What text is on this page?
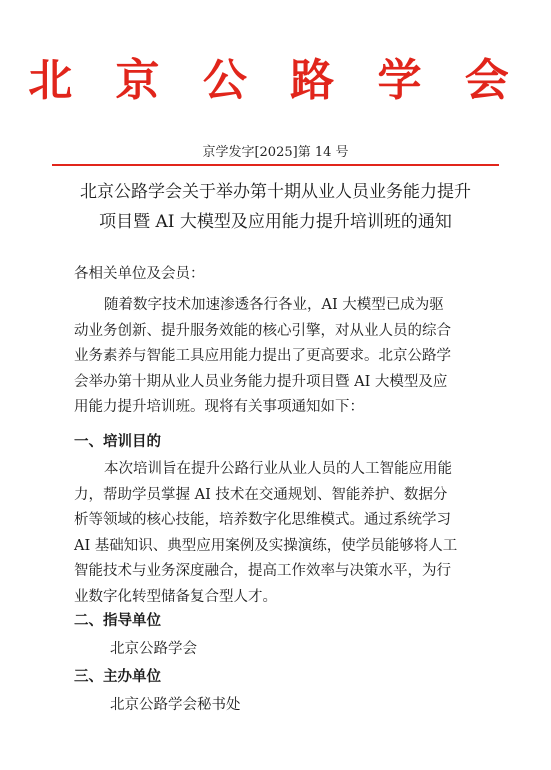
北 京 公 路 学 会
京学发字[2025]第 14 号
北京公路学会关于举办第十期从业人员业务能力提升
项目暨 AI 大模型及应用能力提升培训班的通知
各相关单位及会员：
随着数字技术加速渗透各行各业，AI 大模型已成为驱
动业务创新、提升服务效能的核心引擎，对从业人员的综合
业务素养与智能工具应用能力提出了更高要求。北京公路学
会举办第十期从业人员业务能力提升项目暨 AI 大模型及应
用能力提升培训班。现将有关事项通知如下：
一、培训目的
本次培训旨在提升公路行业从业人员的人工智能应用能
力，帮助学员掌握 AI 技术在交通规划、智能养护、数据分
析等领域的核心技能，培养数字化思维模式。通过系统学习
AI 基础知识、典型应用案例及实操演练，使学员能够将人工
智能技术与业务深度融合，提高工作效率与决策水平，为行
业数字化转型储备复合型人才。
二、指导单位
北京公路学会
三、主办单位
北京公路学会秘书处
